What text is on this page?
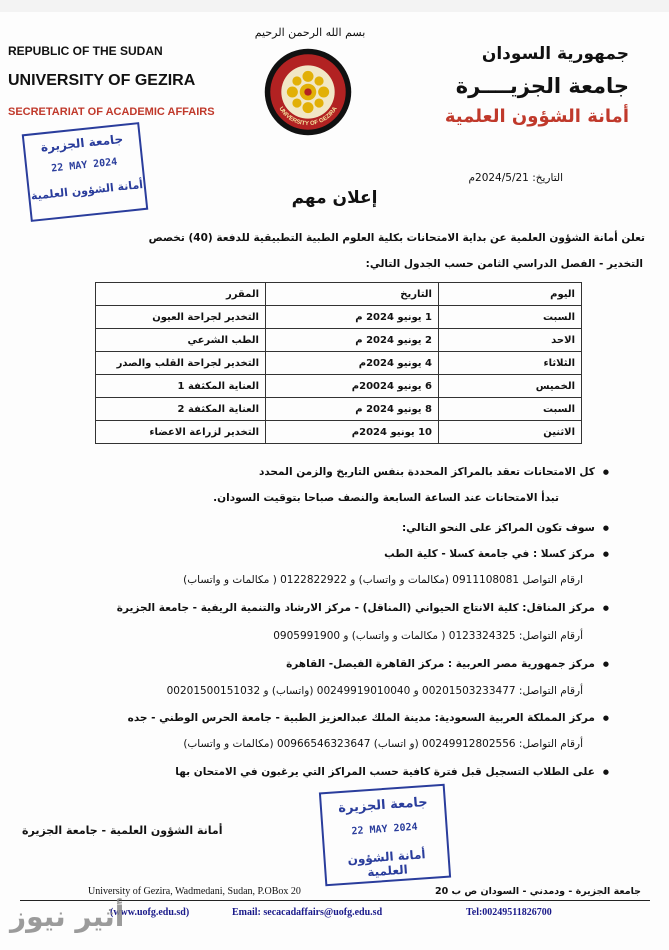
REPUBLIC OF THE SUDAN
UNIVERSITY OF GEZIRA
SECRETARIAT OF ACADEMIC AFFAIRS
جمهورية السودان
جامعة الجزيــــرة
أمانة الشؤون العلمية
بسم الله الرحمن الرحيم
UNIVERSITY OF GEZIRA
جامعة الجزيرة
22 MAY 2024
أمانة الشؤون العلمية
التاريخ: 2024/5/21م
إعلان مهم
تعلن أمانة الشؤون العلمية عن بداية الامتحانات بكلية العلوم الطبية التطبيقية للدفعة (40) تخصص
التخدير - الفصل الدراسي الثامن حسب الجدول التالي:
اليوم	التاريخ	المقرر
السبت	1 يونيو 2024 م	التخدير لجراحة العيون
الاحد	2 يونيو 2024 م	الطب الشرعي
الثلاثاء	4 يونيو 2024م	التخدير لجراحة القلب والصدر
الخميس	6 يونيو 20024م	العناية المكثفة 1
السبت	8 يونيو 2024 م	العناية المكثفة 2
الاثنين	10 يونيو 2024م	التخدير لزراعة الاعضاء
● كل الامتحانات تعقد بالمراكز المحددة بنفس التاريخ والزمن المحدد
تبدأ الامتحانات عند الساعة السابعة والنصف صباحا بتوقيت السودان.
● سوف تكون المراكز على النحو التالي:
● مركز كسلا : في جامعة كسلا - كلية الطب
ارقام التواصل 0911108081 (مكالمات و واتساب) و 0122822922 ( مكالمات و واتساب)
● مركز المناقل: كلية الانتاج الحيواني (المناقل) - مركز الارشاد والتنمية الريفية - جامعة الجزيرة
أرقام التواصل: 0123324325 ( مكالمات و واتساب) و 0905991900
● مركز جمهورية مصر العربية : مركز القاهرة الفيصل- القاهرة
أرقام التواصل: 00201503233477 و 00249919010040 (واتساب) و 00201500151032
● مركز المملكة العربية السعودية: مدينة الملك عبدالعزيز الطبية - جامعة الحرس الوطني - جده
أرقام التواصل: 00249912802556 (و اتساب) 00966546323647 (مكالمات و واتساب)
● على الطلاب التسجيل قبل فترة كافية حسب المراكز التي يرغبون في الامتحان بها
أمانة الشؤون العلمية - جامعة الجزيرة
جامعة الجزيرة
22 MAY 2024
أمانة الشؤون العلمية
University of Gezira, Wadmedani, Sudan, P.OBox 20	جامعة الجزيرة - ودمدني - السودان ص ب 20
(www.uofg.edu.sd)	Email: secacadaffairs@uofg.edu.sd	Tel:00249511826700
أثير نيوز
